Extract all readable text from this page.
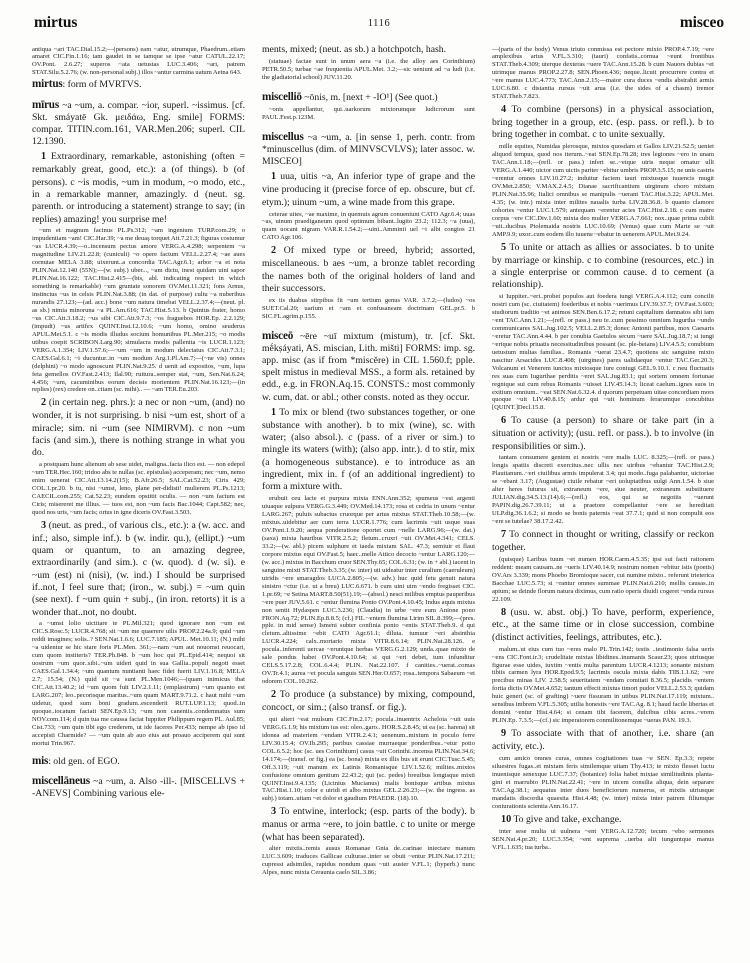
mirtus	1116	misceo
antiqua ~ari TAC.Dial.15.2;—(persons) eam ~atur, utrumque, Phaedrum..etiam amaret CIC.Fin.1.16; tam gaudet in se tamque se ipse ~atur CATUL.22.17; OV.Pont. 2.6.27; superos ~ata uetustas LUC.3.406; ~ari, patrem STAT.Silu.5.2.76; (w. non-personal subj.) illos ~antur carmina uatum Aetna 643.
mirtus: form of MVRTVS.
mīrus ~a ~um, a. compar. ~ior, superl. ~issimus. [cf. Skt. smáyatē Gk. μειδάω, Eng. smile] FORMS: compar. TITIN.com.161, VAR.Men.206; superl. CIL 12.1390.
1 Extraordinary, remarkable, astonishing (often = remarkably great, good, etc.): a (of things). b (of persons). c ~is modis, ~um in modum, ~o modo, etc., in a remarkable manner, amazingly. d (neut. sg. parenth. or introducing a statement) strange to say; (in replies) amazing! you surprise me!
~um et magnum facinus PL.Ps.312; ~am ingenium TURP.com.29; o impudentiam ~am! CIC.Har.39; ~a me deuaş torquet Att.7.21.3; figuras costumur ~as LUCR.4.39;—o..incensum pectus amore VERG.A.4.298; serpentem ~a magnitudine LIV.21.22.8; (cuniculi) ~o opere factum VELL.2.27.4; ~ae aues cornutae MELA 3.88; uixerunt..a concordia TAC.Agr.6.1; arbor ~a et nota PLIN.Nat.12.140 (55N);—(w. subj.) uber..., ~am dictu, inest quidam uini sapor PLIN.Nat.16.122; TAC.Hist.2.415—(bis, abl. indicating respect in which something is remarkable) ~um gruntate sonorem OV.Met.11.321; fons Arnus, instinctus ~us in celsis PLIN.Nat.3.88; (in dat. of purpose) cultu ~a nuberibus nurandis 27.123;—(ad. acc.) bone ~um natura timebat VELL.2.37.4;—(neut. pl. as sb.) nimia minoruna ~a PL.Am.616; TAC.Hist.5.13. b Quintus frater, homo ~us CIC.Att.3.18.2; ~us sibi CIC.Att.9.7.3; ~os fraguebos HOR.Ep. 2.2.129; (impudt) ~us artifex QUINT.Inst.12.10.6; ~um homo, omino seuderus APUL.Met.5.1. c ~is modis illudus socium homunibus PL.Mer.215; ~o modis utibus coepit SCRIBON.Larg.90; simulacra modis pallenita ~is LUCR.1.123; VERG.A.1.354; LIV.1.57.6;—~um ~um in modum delectatus CIC.Att.7.3.1; CAES.Gal.6.1; ~i ducuntur..in ~um modum Arg.1.Pl.Am.7;—(~ne vis) onnes (delphini) ~o modo agnoscunt PLIN.Nat.9.25. d uenit ad expositos, ~um, lupa feta gemellos OV.Fast.2.413; Ilal.90; ruitura..semper stat, ~um, Sen.Nat.6.24; 4.456; ~um, cacuminibus eorum decisis morientem PLIN.Nat.16.123;—(in replies) (rex) credere on..citam (sc. mihi).. — ~am TER.Eu.203.
2 (in certain neg. phrs.): a nec or non ~um, (and) no wonder, it is not surprising. b nisi ~um est, short of a miracle; sim. ni ~um (see NIMIRVM). c non ~um facis (and sim.), there is nothing strange in what you do.
a postquam hunc alienum ab sese uidet, maligna..facta ilico est. — non edepol ~um TER.Hec.160; tridoo abs te nullas (sc. epistulas) acceperam; nec ~um, nemo enim uenerat CIC.Att.13.14.2(15); B.Afr.26.5; SAL.Cat.52.23; Ciris 429; COL.1.pr.20. b tu, nisi ~umst, leno, plane per-didisti! mulierem PL.Ps.1213; CAECIL.com.255; Cat.52.23; eundem opstitit oculis. — non ~um factum est Ciris; misereret me illius. — tuos est, non ~um facis Bac.1044; Capt.582; nec, quod nos uris, ~um facis; ortus in igne diceris OV.Fast.3.503.
3 (neut. as pred., of various cls., etc.): a (w. acc. and inf.; also, simple inf.). b (w. indir. qu.), (ellipt.) ~um quam or quantum, to an amazing degree, extraordinarily (and sim.). c (w. quod). d (w. si). e ~um (est) ni (nisi), (w. ind.) I should be surprised if..not, I feel sure that; (iron., w. subj.) = ~um quin (see next). f ~um quin + subj., (in iron. retorts) it is a wonder that..not, no doubt.
a ~umst lolio uictitare te PL.Mil.321; quod ignorare non ~um est CIC.S.Rosc.5; LUCR.4.768; sit ~um me quaerere uilis PROP.2.24a.9; quid ~um reddi imagines; solis..? SEN.Nat.1.6.6; LUC.7.185; APUL. Met.10.11; (N.) mihi ~a uidentur se hic stare foris PL.Men. 361;—nam ~um aut nouomst reuocari, cum quom institeris? TER.Ph.848. b ~um hoc qui PL.Epid.414; nequoi sit uostrum ~um quor..sibi..~um uideri quid in sua Gallia..populi negoti esset CAES.Gal.1.34.4; ~um quantum nuntianti haec fidei fuerit LIV.1.16.8; MELA 2.7; 15.54; (N.) quid sit ~a sunt PL.Men.1046;—(quam inimicus ibat CIC.Att.13.40.2; id ~um quom fuit LIV.2.1.11; (emplastrum) ~um quanto est LARG.207; leo..pecorisque maritus..~um quam MART.9.71.2. c haut mihi ~um uidetur, quod sum boni gradum..escenderit RUT.LUP.1.13; quod..in quoque..iocatum faciati SEN.Ep.9.13; ~um non canentis..condemnatus sum NOV.com.114; d quin tua me caussa faciat Iuppiter Philippum regem PL. Aul.85; Cist.733; ~um quin tibi ego crederem, ut ide faceres Per.433; nempe ab ipso id accepisti Charmide? — ~um quin ab auo eius aut proauo acciperem qui sunt mortui Trin.967.
mis: old gen. of EGO.
miscellāneus ~a ~um, a. Also -ill-. [MISCELLVS + -ANEVS] Combining various ele-
ments, mixed; (neut. as sb.) a hotchpotch, hash.
(statuae) factae sunt in unum aera ~a (i.e. the alloy aes Corinthium) PETR.50.5; turbae ~ae frequentia APUL.Met. 3.2;—sic ueniunt ad ~a ludi (i.e. the gladiatorial school) JUV.11.20.
miscelliō ~ōnis, m. [next + -IO¹] (See quot.)
~onis appellantur, qui..uarkorum mixtorumque ludicrorum sunt PAUL.Fest.p.123M.
miscellus ~a ~um, a. [in sense 1, perh. contr. from *minuscellus (dim. of MINVSCVLVS); later assoc. w. MISCEO]
1 uua, uitis ~a, An inferior type of grape and the vine producing it (precise force of ep. obscure, but cf. etym.); uinum ~um, a wine made from this grape.
ceterae uites, ~ae maxime, in quemuis agrum conueniunt CATO Agr.6.4; uuas ~as, uinum praediganeum quod optimum bibant..lugito 23.2; 112.3; ~a (uua), quam uocant nigram VAR.R.1.54.2;—uini..Amminii uel ~i albi congios 21 CATO Agr.106.
2 Of mixed type or breed, hybrid; assorted, miscellaneous. b aes ~um, a bronze tablet recording the names both of the original holders of land and their successors.
ex iis duabus stirpibus fit ~um tertium genus VAR. 3.7.2;—(ludos) ~os SUET.Cal.20; uarium et ~am et confusaneam doctrinam GEL.pr.5. b SIC.FL.agrim.p.155.
misceō ~ēre ~uī mixtum (mistum), tr. [cf. Skt. mḗkṣáyati, AS. miscian, Lith. mišti] FORMS: imp. sg. app. misc (as if from *miscĕre) in CIL 1.560.f; pple. spelt mistus in medieval MSS., a form als. retained by edd., e.g. in FRON.Aq.15. CONSTS.: most commonly w. cum, dat. or abl.; other consts. noted as they occur.
1 To mix or blend (two substances together, or one substance with another). b to mix (wine), sc. with water; (also absol.). c (pass. of a river or sim.) to mingle its waters (with); (also app. intr.). d to stir, mix (a homogeneous substance). e to introduce as an ingredient, mix in. f (of an additional ingredient) to form a mixture with.
erubuit ceu lacte et purpura mixta ENN.Ann.352; spumeus ~est argenti uiuaque sulpura VERG.G.3.449; OV.Med.14.173; rosa et cedria in unum ~entur LARG.267; puluis subactus cruorque per artus mixtus STAT.Theb.10.58;—(w. mixtus..uidebitur aer cum terra LUCR.1.776; cum lacrimis ~uit usque suas OV.Pont.1.9.20; aequa ponderatione oportet cum ~nelle LARG.96;—(w. dat.) (saxa) mixta hauribus VITR.2.5.2; fletum..cruxri ~uit OV.Met.4.341; CELS. 33.2;—(w. abl.) picem sulphure et taeda mixtam SAL. 47.3; semiuir et flaui corpore mixtus equi OV.Fast.5; haec..melle Attico decocto ~entur LARG.120;—(w. acc.) mixtus in Bacchum cruor SEN.Thy.65; COL.6.31; (w. in + abl.) iacent in sanguine mixti STAT.Theb.3.35; (w. inter) uti uideatur inter curalium (caeruleum) uiridis ~ere smaragdos LUCA.2.805;—(w. adv.) huc quid fetu genuit natura sinistro ~ctur (i.e. ut a breu) LUC.6.671. b cum uini uim ~endo fregisset CIC. 1.pr.69; ~e Setina MART.8.50(51).19;—(absol.) nesci milibus emptus pauperibus ~ere puer JUV.5.61. c ~entur flumina Ponto OV.Pont.4.10.45; Indus aquis mixtus non sentit Hydaspen LUC.3.236; (Claudia) in urbe ~ere eum Anione pono FRON.Aq.72; PLIN.Ep.8.8.5; (cf.) FIL ~entem flumina Lirim SIL.8.399;—(pres. pple. in mid sense) Ismeni subter confinia ponto ~entis STAT.Theb.9. d qui cletum..altissime ~ebit CATO Agr.61.1; diluta. tumuur ~eri absinthia LUCR.4.224; calx..mortario mixta VITR.8.6.14; PLIN.Nat.28.126. e pocula..inferenti uercae ~eruntque herbas VERG.G.2.129; unda..quae mixto de sale pondus habet OV.Pont.4.10.64; si qui ~eri debet, tum infunditur CELS.5.17.2.8; COL.6.4.4; PLIN. Nat.22.107. f canities..~uerat..comas OV.Tr.4.1; aurea ~et pocula sanguis SEN.Her.O.657; rosa..tempora Sabaeum ~et odorem COL.10.262.
2 To produce (a substance) by mixing, compound, concoct, or sim.; (also transf. or fig.).
qui alteri ~eat mulsum CIC.Fin.2.17; pocula..inuentrix Acheloia ~uit uuis VERG.G.1.9; his mixtum ius est: oleo..garo.. HOR.S.2.8.45; ut ea (sc. harena) sit idonea ad materiem ~endam VITR.2.4.1; uenenum..mixtum in poculo ferre LIV.30.15.4; OV.Ib.295; paribus cassiae murraeque ponderibus..~etur potio COL.6.5.2; hoc (sc. ues Corinthium) casus ~uit Corinthi..incensa PLIN.Nat.34.6; 14.174;—(transf. or fig.) ea (sc. bona) mixta ex illis bus sit erunt CIC.Tusc.5.45; Off.3.119; ~uit manum ex Latinis Romanisque LIV.1.52.6; milites..mixtos confusione omnium gentium 22.43.2; qui (sc. pedes) breuibus longisque mixti QUINT.Inst.9.4.135; (Licinius Mucianus) malis bonisque artibus mixtus TAC.Hist.1.10; color e uiridi et albo mixtus GEL.2.26.23;—(w. the ingress. as subj.) totam..uitam ~et dolor et gaudium PHAEDR. (18).10.
3 To entwine, interlock; (esp. parts of the body). b manus or arma ~ere, to join battle. c to unite or merge (what has been separated).
alter mixtis..remis ausus Romanae Gnia de..carinae iniectare manum LUC.3.609; traduces Gallicae culturae..inter se obuii ~entur PLIN.Nat.17.211; cupressi adsimiles, rapidus nondum quas ~uit auster V.FL.1; (hyperb.) nunc Alpes, nunc mixta Ceraunia caelo SIL.3.86;
—(parts of the body) Venus triuto conmissa est pectore mixto PROP.4.7.19; ~ere amplexibus artus V.FL.3.310; (tauri) confatis..cornua ~eunt frontibus STAT.Theb.4.309; uterque dexteras ~uere TAC.Ann.15.28. b cum Nauors dubias ~et utrimque manus PROP.2.27.8; SEN.Phoen.436; neque..licuit procurrere contra et ~ere manus LUC.4.773; TAC.Ann.2.15;—maior cura duces ~endis abstrahit armis LUC.6.80. c distantia rursus ~uit arua (i.e. the sides of a chasm) tremor STAT.Theb.7.823.
4 To combine (persons) in a physical association, bring together in a group, etc. (esp. pass. or refl.). b to bring together in combat. c to unite sexually.
mille equites, Numidas plerosque, mixtos quosdam et Gallos LIV.21.52.5; ueniet aliquod tempus, quod nos iterum..~eat SEN.Ep.78.28; tres legiones ~ero in unam TAC.Ann.1.18;—(refl. or pass.) infert se..~etque uiris neque ornatur ulli VERG.A.1.440; uictor cum uictis pariter ~ebitur umbris PROP.3.5.15; ne unis castris ~erentur omnes LIV.10.27.2; induitur faciem tauri mixtusque iuuencis mugit OV.Met.2.850; V.MAX.2.4.5; Dianae sacrificantium uirginum choro mixtam PLIN.Nat.35.96; Italici omnibus se manipulis ~uerant TAC.Hist.3.22; APUL.Met. 4.35; (w. intr.) mixta inter milites naualis turba LIV.28.36.8. b quanto clamore cohortes ~entur LUC.1.579; antequam ~erentur acies TAC.Hist.2.18. c cum matre corpus ~ere CIC.Div.1.60; mixta deo mulier VERG.A.7.661; nox..quae prima cubili ~uit..ducibus Ptolemaida nostris LUC.10.69; (Venus) quae cum Marte se ~uit AMP.9.9; uxor..cum eodem illo iuuene ~ebatur in uenerem APUL.Met.9.24.
5 To unite or attach as allies or associates. b to unite by marriage or kinship. c to combine (resources, etc.) in a single enterprise or common cause. d to cement (a relationship).
si Iuppiter..~eri..probet populos aut foedera iungi VERG.A.4.112; cum concilii nostri cum (sc. ciuitatem) foederibus et nobis ~uerimus LIV.39.37.7; OV.Fast.3.603; studiorum traditio ~et animos SEN.Ben.6.17.2; retuni capitalium damnatos sibi iam ~ent TAC.Ann.1.21;—(refl. or pass.) neu te..cum pessimo omnium Iugurtha ~undo communicares SAL.Jug.102.5; VELL.2.85.3; donec Antonii partibus, mox Caesaris ~eretur TAC.Ann.4.44. b per conubia Gaetulos secum ~uere SAL.Jug.18.7; si iungi ~erique nobis priuatis necessitudinibus possant (sc. ple-beians) LIV.4.5.5; conubium uetustum multas familias.. Romanis ~uerat 23.4.7; quotiens sic sanguine mixto nascitur Arsacides LUC.8.408; (uirgines) pares ualidaeque ~entur TAC.Ger.20.3; Volcanum et Venerem iunctos mixtosque iure coniugi GEL.9.10.1. c neu fluctuatis res suas cum Iugurthae perditis ~eret SAL.Jug.83.1; qui sortem omnem fortunae regnique sui cum rebus Romanis ~uisset LIV.45.14.3; liceat caelum..ignes suos in exitium omnium.. ~eat SEN.Nat.6.32.4. d quorum perpetuam uitae concordiam mors quoque ~uit LIV.40.8.15; ardur qui ~uit hominum ferarumque concubitus [QUINT.]Decl.15.8.
6 To cause (a person) to share or take part (in a situation or activity); (usu. refl. or pass.). b to involve (in responsibilities or sim.).
tantam consumere gentem et nostris ~ere malis LUC. 8.325;—(refl. or pass.) longis spatiis discreti exercitus..nec ullis nec uiribus ~ebantur TAC.Hist.2.9; Plautianum..~eri ciuilibus armis impulerat 3.4; qui modo..fuga palabantur, uictoriae se ~ebant 3.17; (Augustae) ciuile rebatur ~eri uoluptatibus uulgi Ann.1.54. b siue alter heres futurus sit, extraneum ~ere, siue neuter, extraneum substituere JULIAN.dig.34.5.13.(14).6;—(refl.) eos, qui se negotiis ~uerunt PAPIN.dig.26.7.39.11; ut a praetore compellantur ~ere se hereditati ULP.dig.36.1.6.2; si modo se bonis paternis ~eat 37.7.1; quid si non compulit eos ~ere se tutelae? 38.17.2.42.
7 To connect in thought or writing, classify or reckon together.
(quisque) Laribus tuum ~et numen HOR.Carm.4.5.35; ipsi sui facti rationem reddent: meam causam..ne ~ueris LIV.40.14.9; nostrum nomen ~ebitur istis (poetis) OV.Ars 3.339; mons Phoebo Bromioque sacer, cui numine mixto.. referunt trieterica Bacchae LUC.5.73; si ~rantur omnes summae PLIN.Nat.6.210; mellis causas..in apium; se deinde florum natura diximus, cum ratio operis diuidi cogeret ~enda rursus 22.109.
8 (usu. w. abst. obj.) To have, perform, experience, etc., at the same time or in close succession, combine (distinct activities, feelings, attributes, etc.).
malum..ut eius cum tuo ~eres malo PL.Trin.142; testis ..testimonio falsa ueris ~ens CIC.Font.ir.3; crudelitate mixtas libidines..inumanis Scaur.23; quos utriusque figurae esse uides, iuxtim ~entis multa parentum LUCR.4.1213; sonante mixtum tibiis carmen lyra HOR.Epod.9.5; lacrimis oscula mixta dabis TIB.1.1.62; ~ere precibus minas LIV. 2.58.5; seueritatem ~endam comitati 8.36.5; placidis ~entem fortia dictis OV.Met.4.652; tantum effecit mixtus timori pudor VELL.2.53.3; quidam huic generi (sc. of grafting) ~uere fissuram in utibus PLIN.Nat.17.119; mixtum.. sensibus imbrem V.FL.5.305; utilia honestis ~ere TAC.Ag. 8.1; haud facile libertas et domini ~entur Hist.4.64; si cenam tibi facerem, dulcibus cibis acres..~erem PLIN.Ep. 7.3.5;—(cf.) sic imperatorem conmilitonemque ~ueras PAN. 19.3.
9 To associate with that of another, i.e. share (an activity, etc.).
cum amico omnes curas, omnes cogitationes tuas ~e SEN. Ep.3.3; repete siluestres fugas..et mixtam feris similemque uitam Thy.413; te mixto flesset luctu inuenisque senexque LUC.7.37; (botanice) folia habet mixtae similitudinis planta-gini et marrubio PLIN.Nat.22.41; ~ere in uicem consilia aliqua, dein separare TAC.Ag.38.1; aequatus inter duos beneficiorum numerus, et mixtis utriusque mandatis discordia quaesita Hist.4.48; (w. inter) mixta inter patrem filiumque coniurationis scientia Ann.16.17.
10 To give and take, exchange.
inter sese multa ui uulnera ~ent VERG.A.12.720; tecum ~ebo sermones SEN.Nat.4.pr.20; LUC.3.354; ~ent suprema ..uerba alii iunguntque manus V.FL.1.635; tua turba..
